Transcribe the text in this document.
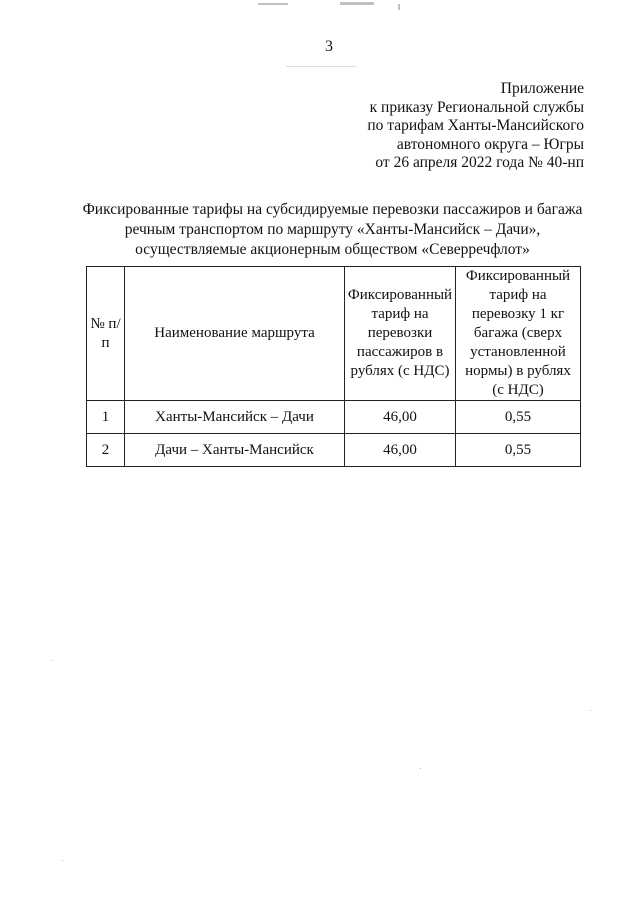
3
Приложение
к приказу Региональной службы
по тарифам Ханты-Мансийского
автономного округа – Югры
от 26 апреля 2022 года № 40-нп
Фиксированные тарифы на субсидируемые перевозки пассажиров и багажа
речным транспортом по маршруту «Ханты-Мансийск – Дачи»,
осуществляемые акционерным обществом «Северречфлот»
№ п/п	Наименование маршрута	Фиксированный тариф на перевозки пассажиров в рублях (с НДС)	Фиксированный тариф на перевозку 1 кг багажа (сверх установленной нормы) в рублях (с НДС)
1	Ханты-Мансийск – Дачи	46,00	0,55
2	Дачи – Ханты-Мансийск	46,00	0,55
